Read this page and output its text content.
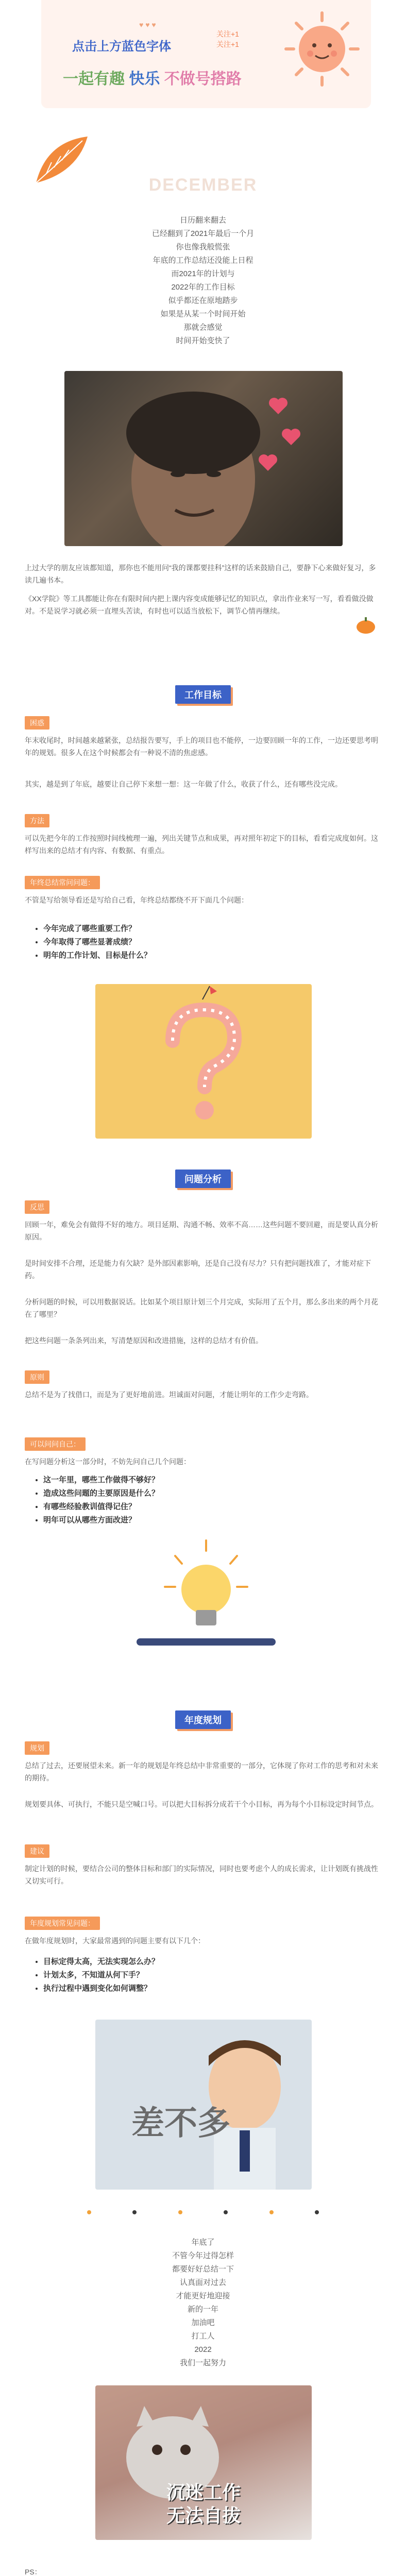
点击上方蓝色字体
♥ ♥ ♥
关注+1
关注+1
一起有趣 快乐 不做号搭路
DECEMBER
日历翻来翻去
已经翻到了2021年最后一个月
你也像我般慌张
年底的工作总结还没能上日程
而2021年的计划与
2022年的工作目标
似乎都还在原地踏步
如果是从某一个时间开始
那就会感觉
时间开始变快了
上过大学的朋友应该都知道，那你也不能用问“我的课都要挂科”这样的话来鼓励自己，要静下心来做好复习，多读几遍书本。
《XX学院》等工具都能让你在有限时间内把上课内容变成能够记忆的知识点，拿出作业来写一写，看看做没做对。不是说学习就必须一直埋头苦读，有时也可以适当放松下，调节心情再继续。
工作目标
困惑
年末收尾时，时间越来越紧张，总结报告要写，手上的项目也不能停，一边要回顾一年的工作，一边还要思考明年的规划。很多人在这个时候都会有一种说不清的焦虑感。
其实，越是到了年底，越要让自己停下来想一想：这一年做了什么，收获了什么，还有哪些没完成。
方法
可以先把今年的工作按照时间线梳理一遍，列出关键节点和成果，再对照年初定下的目标，看看完成度如何。这样写出来的总结才有内容、有数据、有重点。
年终总结常问问题：
不管是写给领导看还是写给自己看，年终总结都绕不开下面几个问题：
• 今年完成了哪些重要工作？
• 今年取得了哪些显著成绩？
• 明年的工作计划、目标是什么？
问题分析
反思
回顾一年，难免会有做得不好的地方。项目延期、沟通不畅、效率不高……这些问题不要回避，而是要认真分析原因。
是时间安排不合理，还是能力有欠缺？是外部因素影响，还是自己没有尽力？只有把问题找准了，才能对症下药。
分析问题的时候，可以用数据说话。比如某个项目原计划三个月完成，实际用了五个月，那么多出来的两个月花在了哪里？
把这些问题一条条列出来，写清楚原因和改进措施，这样的总结才有价值。
原则
总结不是为了找借口，而是为了更好地前进。坦诚面对问题，才能让明年的工作少走弯路。
可以问问自己：
在写问题分析这一部分时，不妨先问自己几个问题：
• 这一年里，哪些工作做得不够好？
• 造成这些问题的主要原因是什么？
• 有哪些经验教训值得记住？
• 明年可以从哪些方面改进？
年度规划
规划
总结了过去，还要展望未来。新一年的规划是年终总结中非常重要的一部分，它体现了你对工作的思考和对未来的期待。
规划要具体、可执行，不能只是空喊口号。可以把大目标拆分成若干个小目标，再为每个小目标设定时间节点。
建议
制定计划的时候，要结合公司的整体目标和部门的实际情况，同时也要考虑个人的成长需求，让计划既有挑战性又切实可行。
年度规划常见问题：
在做年度规划时，大家最常遇到的问题主要有以下几个：
• 目标定得太高，无法实现怎么办？
• 计划太多，不知道从何下手？
• 执行过程中遇到变化如何调整？
差不多

年底了
不管今年过得怎样
都要好好总结一下
认真面对过去
才能更好地迎接
新的一年
加油吧
打工人
2022
我们一起努力
沉迷工作
无法自拔
PS：
